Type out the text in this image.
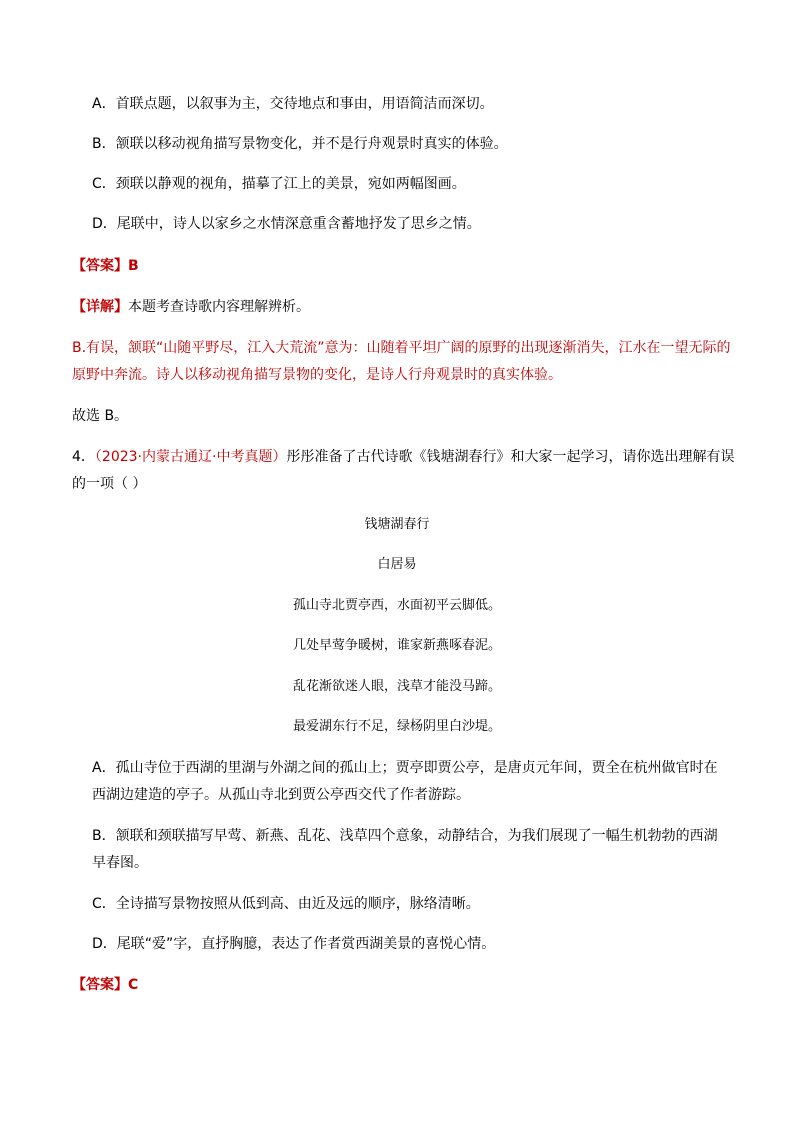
A．首联点题，以叙事为主，交待地点和事由，用语简洁而深切。
B．颔联以移动视角描写景物变化，并不是行舟观景时真实的体验。
C．颈联以静观的视角，描摹了江上的美景，宛如两幅图画。
D．尾联中，诗人以家乡之水情深意重含蓄地抒发了思乡之情。
【答案】B
【详解】本题考查诗歌内容理解辨析。
B.有误，颔联“山随平野尽，江入大荒流”意为：山随着平坦广阔的原野的出现逐渐消失，江水在一望无际的
原野中奔流。诗人以移动视角描写景物的变化，是诗人行舟观景时的真实体验。
故选 B。
4．（2023·内蒙古通辽·中考真题）彤彤准备了古代诗歌《钱塘湖春行》和大家一起学习，请你选出理解有误
的一项（ ）
钱塘湖春行
白居易
孤山寺北贾亭西，水面初平云脚低。
几处早莺争暖树，谁家新燕啄春泥。
乱花渐欲迷人眼，浅草才能没马蹄。
最爱湖东行不足，绿杨阴里白沙堤。
A．孤山寺位于西湖的里湖与外湖之间的孤山上；贾亭即贾公亭，是唐贞元年间，贾全在杭州做官时在
西湖边建造的亭子。从孤山寺北到贾公亭西交代了作者游踪。
B．颔联和颈联描写早莺、新燕、乱花、浅草四个意象，动静结合，为我们展现了一幅生机勃勃的西湖
早春图。
C．全诗描写景物按照从低到高、由近及远的顺序，脉络清晰。
D．尾联“爱”字，直抒胸臆，表达了作者赏西湖美景的喜悦心情。
【答案】C
